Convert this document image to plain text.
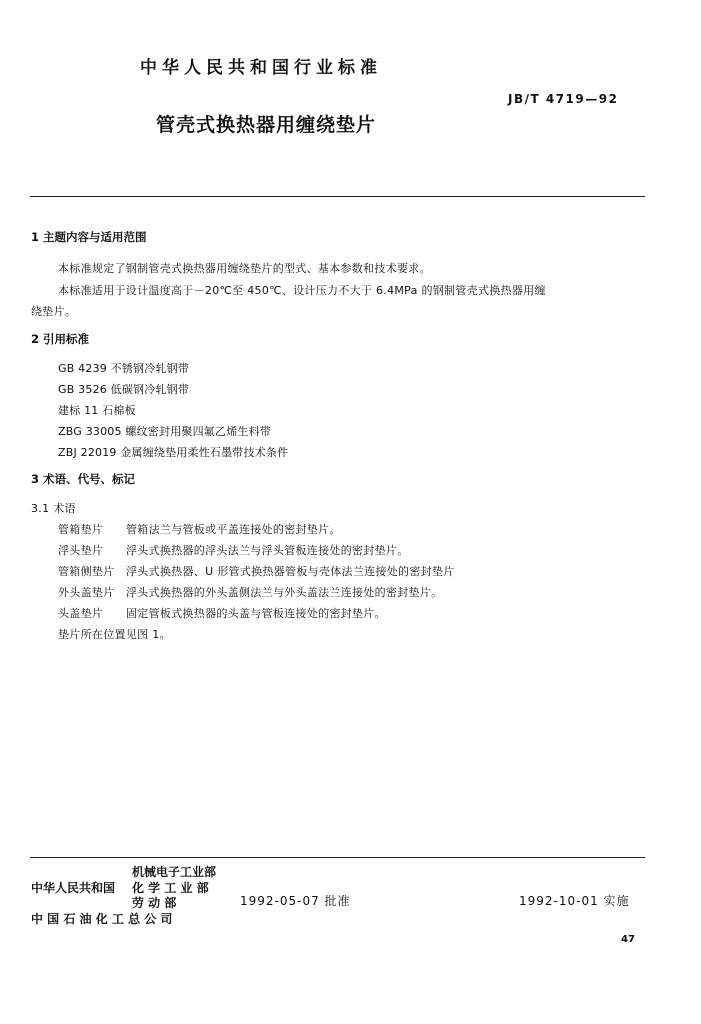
中华人民共和国行业标准
JB/T 4719—92
管壳式换热器用缠绕垫片
1 主题内容与适用范围
本标准规定了钢制管壳式换热器用缠绕垫片的型式、基本参数和技术要求。
本标准适用于设计温度高于－20℃至 450℃、设计压力不大于 6.4MPa 的钢制管壳式换热器用缠
绕垫片。
2 引用标准
GB 4239 不锈钢冷轧钢带
GB 3526 低碳钢冷轧钢带
建标 11 石棉板
ZBG 33005 螺纹密封用聚四氟乙烯生料带
ZBJ 22019 金属缠绕垫用柔性石墨带技术条件
3 术语、代号、标记
3.1 术语
管箱垫片 管箱法兰与管板或平盖连接处的密封垫片。
浮头垫片 浮头式换热器的浮头法兰与浮头管板连接处的密封垫片。
管箱侧垫片 浮头式换热器、U 形管式换热器管板与壳体法兰连接处的密封垫片
外头盖垫片 浮头式换热器的外头盖侧法兰与外头盖法兰连接处的密封垫片。
头盖垫片 固定管板式换热器的头盖与管板连接处的密封垫片。
垫片所在位置见图 1。
机械电子工业部
中华人民共和国 化 学 工 业 部
劳 动 部	1992-05-07 批准	1992-10-01 实施
中 国 石 油 化 工 总 公 司
47
